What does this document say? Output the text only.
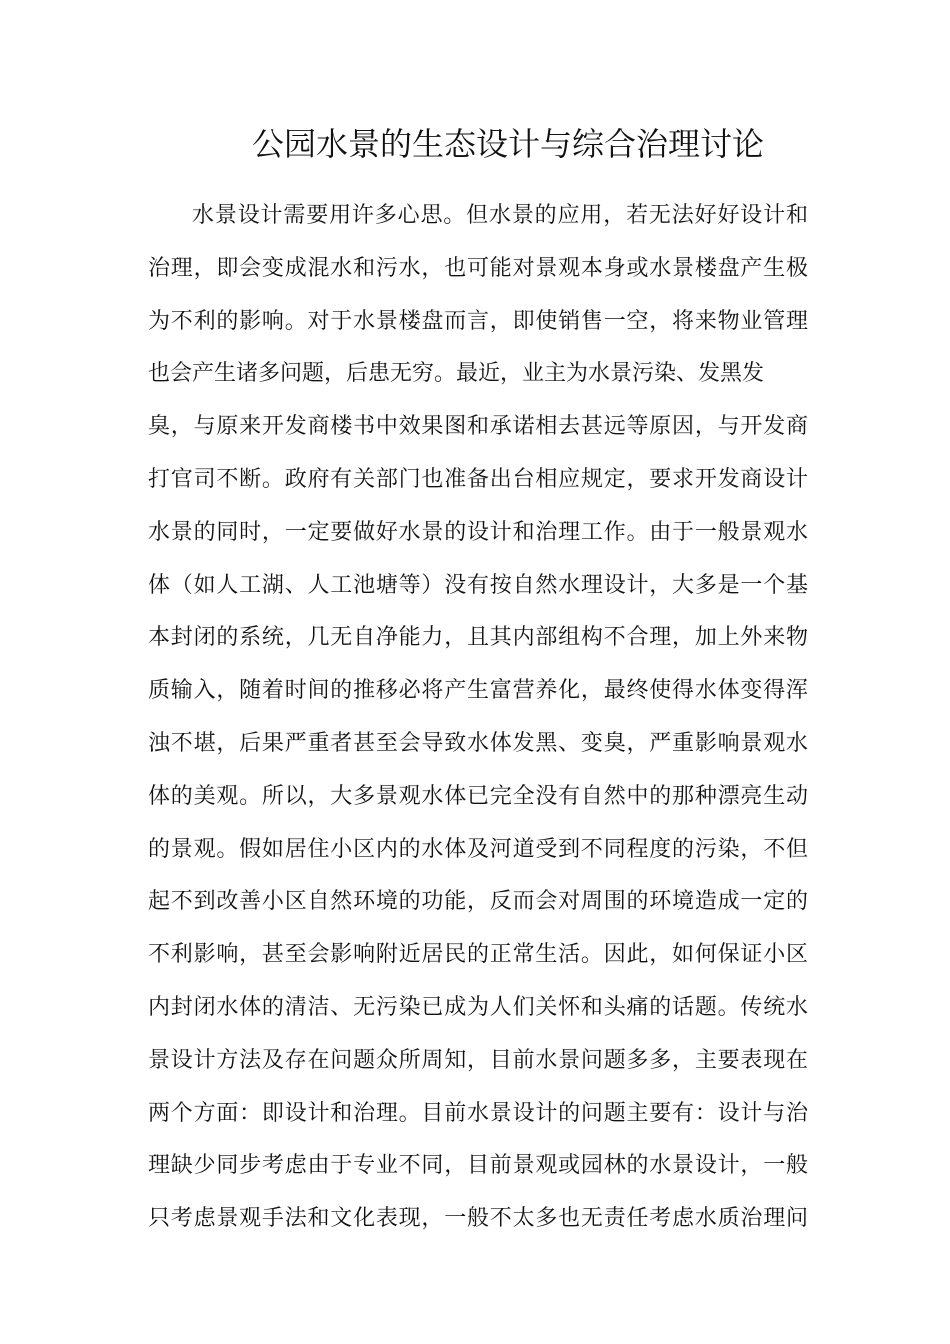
公园水景的生态设计与综合治理讨论
水景设计需要用许多心思。但水景的应用，若无法好好设计和
治理，即会变成混水和污水，也可能对景观本身或水景楼盘产生极
为不利的影响。对于水景楼盘而言，即使销售一空，将来物业管理
也会产生诸多问题，后患无穷。最近，业主为水景污染、发黑发
臭，与原来开发商楼书中效果图和承诺相去甚远等原因，与开发商
打官司不断。政府有关部门也准备出台相应规定，要求开发商设计
水景的同时，一定要做好水景的设计和治理工作。由于一般景观水
体（如人工湖、人工池塘等）没有按自然水理设计，大多是一个基
本封闭的系统，几无自净能力，且其内部组构不合理，加上外来物
质输入，随着时间的推移必将产生富营养化，最终使得水体变得浑
浊不堪，后果严重者甚至会导致水体发黑、变臭，严重影响景观水
体的美观。所以，大多景观水体已完全没有自然中的那种漂亮生动
的景观。假如居住小区内的水体及河道受到不同程度的污染，不但
起不到改善小区自然环境的功能，反而会对周围的环境造成一定的
不利影响，甚至会影响附近居民的正常生活。因此，如何保证小区
内封闭水体的清洁、无污染已成为人们关怀和头痛的话题。传统水
景设计方法及存在问题众所周知，目前水景问题多多，主要表现在
两个方面：即设计和治理。目前水景设计的问题主要有：设计与治
理缺少同步考虑由于专业不同，目前景观或园林的水景设计，一般
只考虑景观手法和文化表现，一般不太多也无责任考虑水质治理问
